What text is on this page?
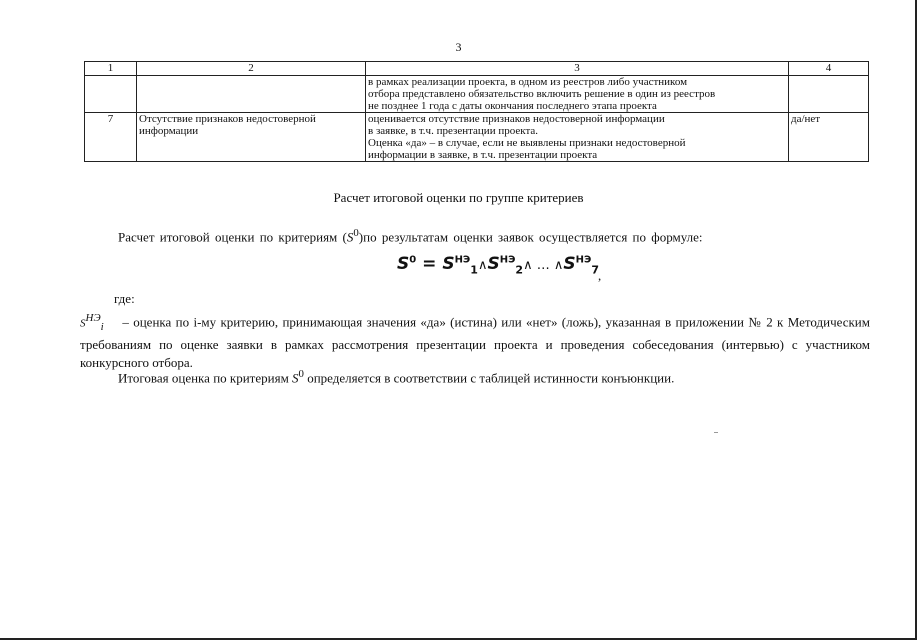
3
1	2	3	4

		в рамках реализации проекта, в одном из реестров либо участником
отбора представлено обязательство включить решение в один из реестров
не позднее 1 года с даты окончания последнего этапа проекта	

7	Отсутствие признаков недостоверной
информации	оценивается отсутствие признаков недостоверной информации
в заявке, в т.ч. презентации проекта.
Оценка «да» – в случае, если не выявлены признаки недостоверной
информации в заявке, в т.ч. презентации проекта	да/нет
Расчет итоговой оценки по группе критериев
Расчет итоговой оценки по критериям $(S^0)по$ результатам оценки заявок осуществляется по формуле:
$S^0$ = $S^{НЭ}_1\wedge S^{НЭ}_2\wedge$ … $\wedge S^{НЭ}_7$ ,
где:
$S^{НЭ}_i$ – оценка по i-му критерию, принимающая значения «да» (истина) или «нет» (ложь), указанная в приложении № 2 к Методическим требованиям по оценке заявки в рамках рассмотрения презентации проекта и проведения собеседования (интервью) с участником конкурсного отбора.
Итоговая оценка по критериям $S^0$ определяется в соответствии с таблицей истинности конъюнкции.
